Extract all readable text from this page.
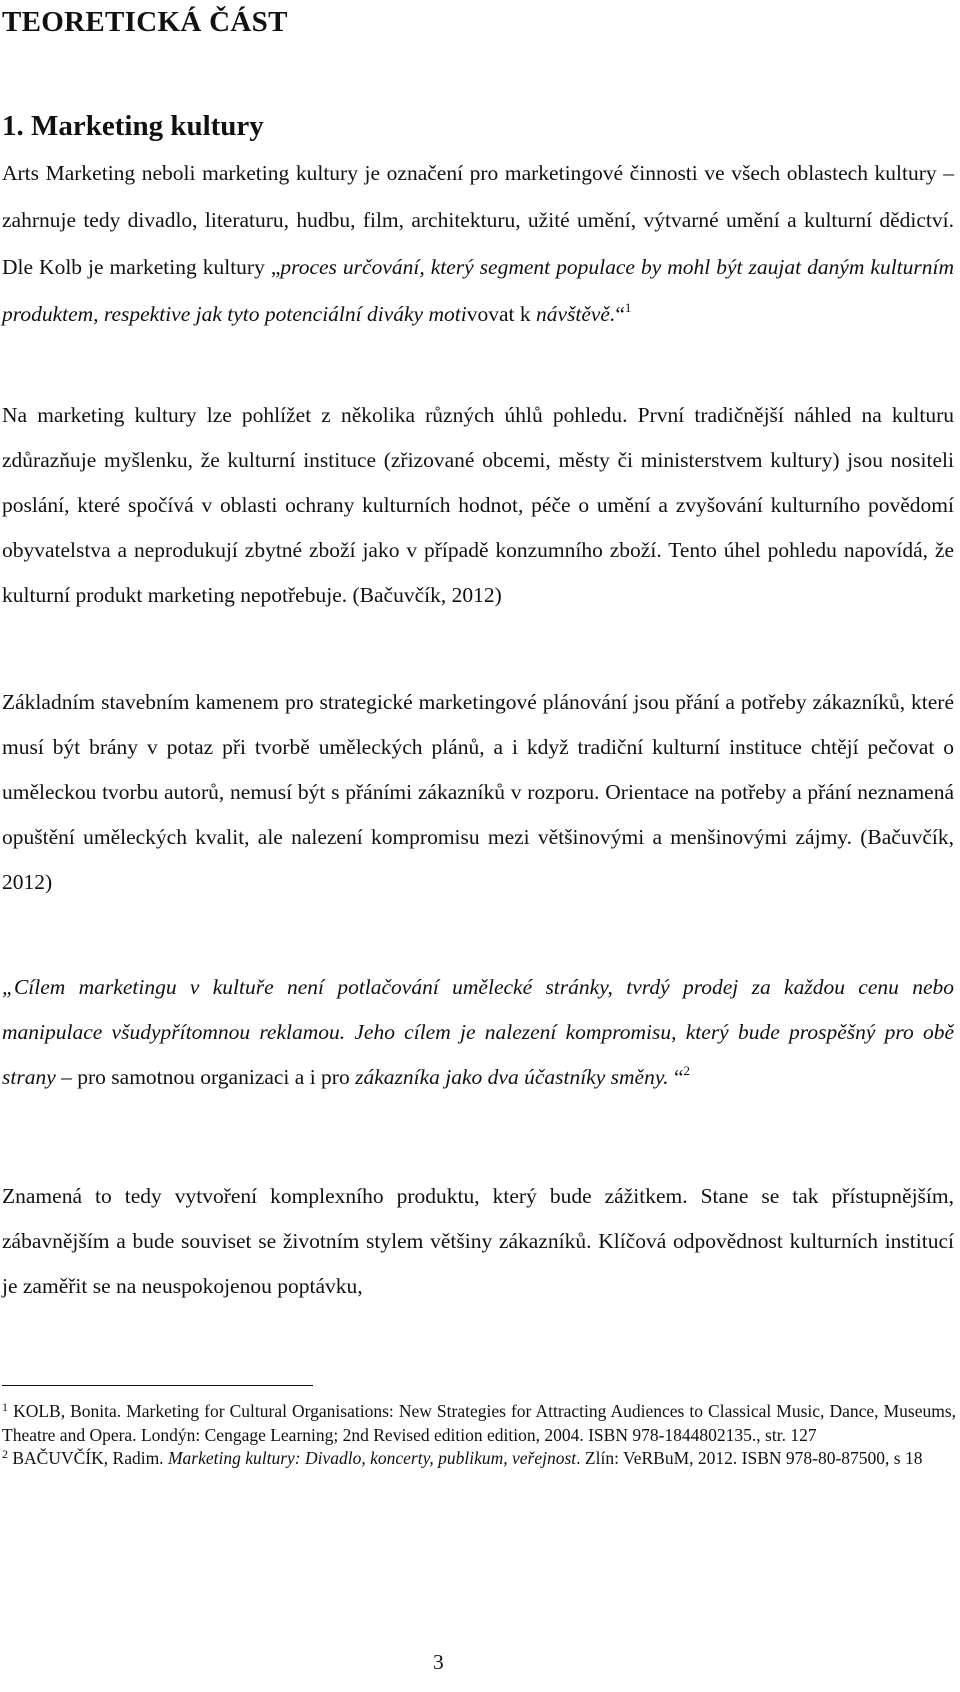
TEORETICKÁ ČÁST
1. Marketing kultury

Arts Marketing neboli marketing kultury je označení pro marketingové činnosti ve všech oblastech kultury – zahrnuje tedy divadlo, literaturu, hudbu, film, architekturu, užité umění, výtvarné umění a kulturní dědictví. Dle Kolb je marketing kultury „proces určování, který segment populace by mohl být zaujat daným kulturním produktem, respektive jak tyto potenciální diváky motivovat k návštěvě.“$^1$

Na marketing kultury lze pohlížet z několika různých úhlů pohledu. První tradičnější náhled na kulturu zdůrazňuje myšlenku, že kulturní instituce (zřizované obcemi, městy či ministerstvem kultury) jsou nositeli poslání, které spočívá v oblasti ochrany kulturních hodnot, péče o umění a zvyšování kulturního povědomí obyvatelstva a neprodukují zbytné zboží jako v případě konzumního zboží. Tento úhel pohledu napovídá, že kulturní produkt marketing nepotřebuje. (Bačuvčík, 2012)

Základním stavebním kamenem pro strategické marketingové plánování jsou přání a potřeby zákazníků, které musí být brány v potaz při tvorbě uměleckých plánů, a i když tradiční kulturní instituce chtějí pečovat o uměleckou tvorbu autorů, nemusí být s přáními zákazníků v rozporu. Orientace na potřeby a přání neznamená opuštění uměleckých kvalit, ale nalezení kompromisu mezi většinovými a menšinovými zájmy. (Bačuvčík, 2012)

„Cílem marketingu v kultuře není potlačování umělecké stránky, tvrdý prodej za každou cenu nebo manipulace všudypřítomnou reklamou. Jeho cílem je nalezení kompromisu, který bude prospěšný pro obě strany – pro samotnou organizaci a i pro zákazníka jako dva účastníky směny. “$^2$

Znamená to tedy vytvoření komplexního produktu, který bude zážitkem. Stane se tak přístupnějším, zábavnějším a bude souviset se životním stylem většiny zákazníků. Klíčová odpovědnost kulturních institucí je zaměřit se na neuspokojenou poptávku,

$^1$ KOLB, Bonita. Marketing for Cultural Organisations: New Strategies for Attracting Audiences to Classical Music, Dance, Museums, Theatre and Opera. Londýn: Cengage Learning; 2nd Revised edition edition, 2004. ISBN 978-1844802135., str. 127

$^2$ BAČUVČÍK, Radim. Marketing kultury: Divadlo, koncerty, publikum, veřejnost. Zlín: VeRBuM, 2012. ISBN 978-80-87500, s 18

3
